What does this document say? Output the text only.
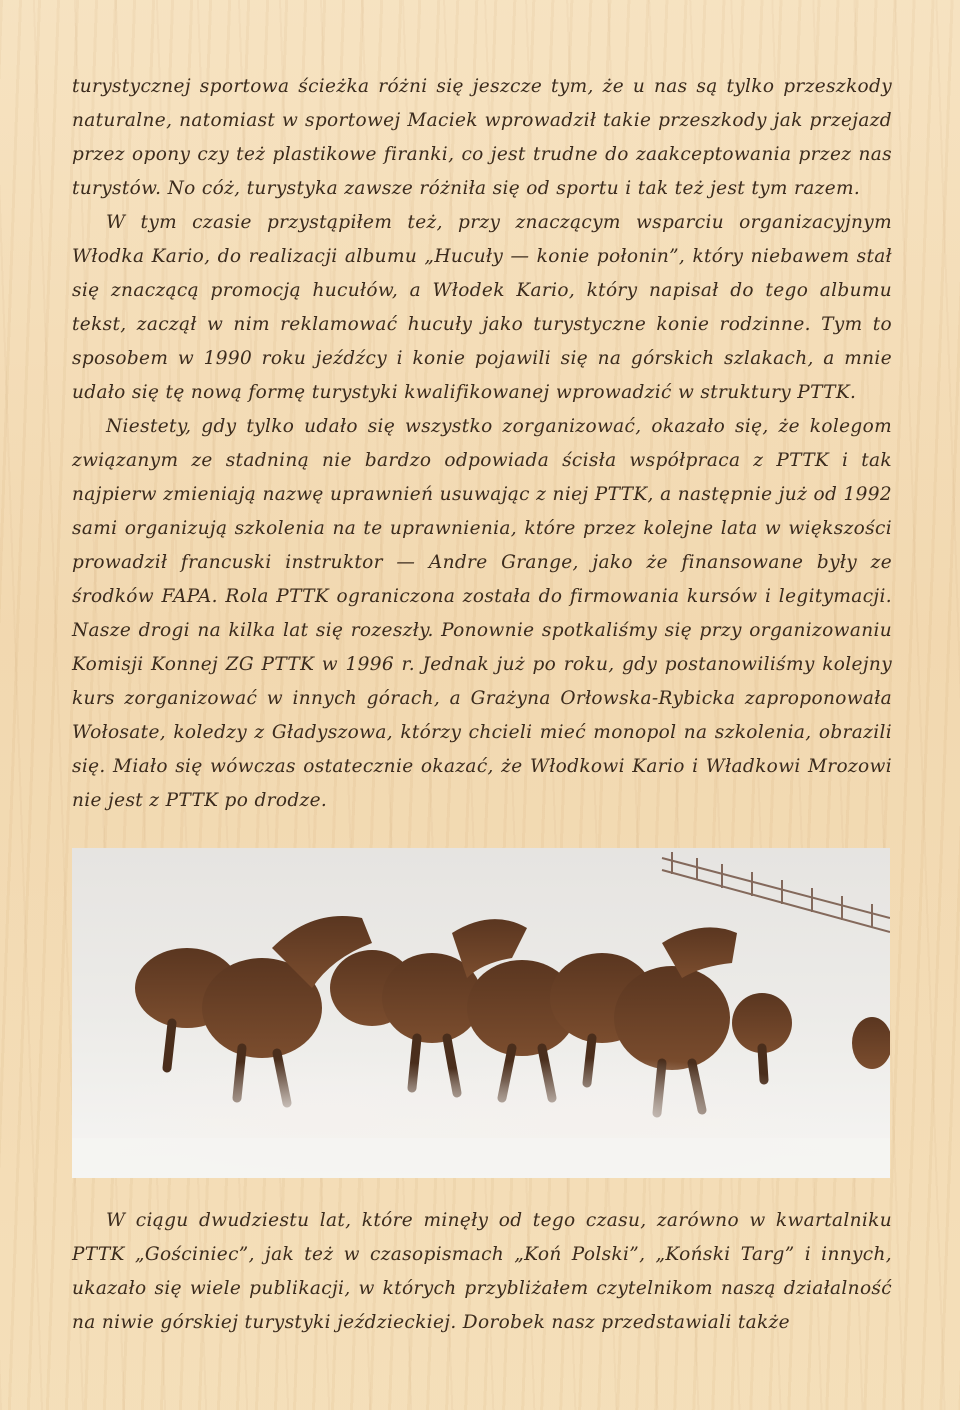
turystycznej sportowa ścieżka różni się jeszcze tym, że u nas są tylko przeszkody naturalne, natomiast w sportowej Maciek wprowadził takie przeszkody jak przejazd przez opony czy też plastikowe firanki, co jest trudne do zaakceptowania przez nas turystów. No cóż, turystyka zawsze różniła się od sportu i tak też jest tym razem.

W tym czasie przystąpiłem też, przy znaczącym wsparciu organizacyjnym Włodka Kario, do realizacji albumu „Hucuły — konie połonin”, który niebawem stał się znaczącą promocją hucułów, a Włodek Kario, który napisał do tego albumu tekst, zaczął w nim reklamować hucuły jako turystyczne konie rodzinne. Tym to sposobem w 1990 roku jeźdźcy i konie pojawili się na górskich szlakach, a mnie udało się tę nową formę turystyki kwalifikowanej wprowadzić w struktury PTTK.

Niestety, gdy tylko udało się wszystko zorganizować, okazało się, że kolegom związanym ze stadniną nie bardzo odpowiada ścisła współpraca z PTTK i tak najpierw zmieniają nazwę uprawnień usuwając z niej PTTK, a następnie już od 1992 sami organizują szkolenia na te uprawnienia, które przez kolejne lata w większości prowadził francuski instruktor — Andre Grange, jako że finansowane były ze środków FAPA. Rola PTTK ograniczona została do firmowania kursów i legitymacji. Nasze drogi na kilka lat się rozeszły. Ponownie spotkaliśmy się przy organizowaniu Komisji Konnej ZG PTTK w 1996 r. Jednak już po roku, gdy postanowiliśmy kolejny kurs zorganizować w innych górach, a Grażyna Orłowska-Rybicka zaproponowała Wołosate, koledzy z Gładyszowa, którzy chcieli mieć monopol na szkolenia, obrazili się. Miało się wówczas ostatecznie okazać, że Włodkowi Kario i Władkowi Mrozowi nie jest z PTTK po drodze.

W ciągu dwudziestu lat, które minęły od tego czasu, zarówno w kwartalniku PTTK „Gościniec”, jak też w czasopismach „Koń Polski”, „Koński Targ” i innych, ukazało się wiele publikacji, w których przybliżałem czytelnikom naszą działalność na niwie górskiej turystyki jeździeckiej. Dorobek nasz przedstawiali także
